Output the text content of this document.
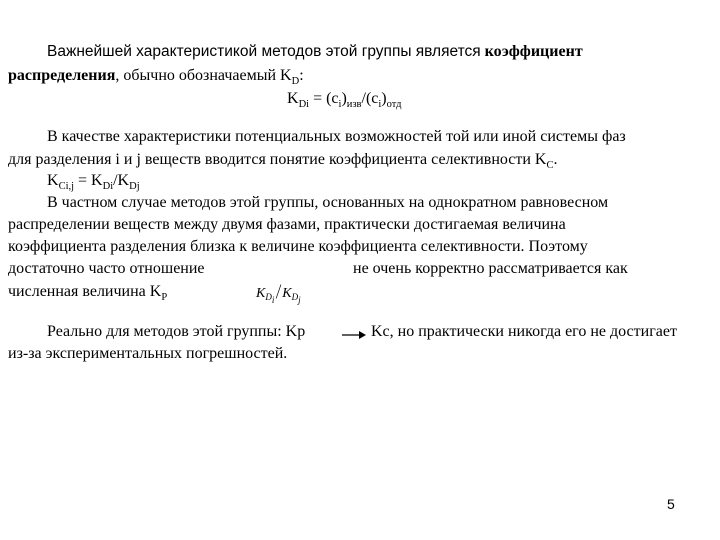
Важнейшей характеристикой методов этой группы является коэффициент
распределения, обычно обозначаемый $K_D$:
$K_{Di} = (c_i)_{изв}/(c_i)_{отд}$
В качестве характеристики потенциальных возможностей той или иной системы фаз
для разделения i и j веществ вводится понятие коэффициента селективности $K_C$.
$K_{Ci,j} = K_{Di}/K_{Dj}$
В частном случае методов этой группы, основанных на однократном равновесном
распределении веществ между двумя фазами, практически достигаемая величина
коэффициента разделения близка к величине коэффициента селективности. Поэтому
достаточно часто отношение	не очень корректно рассматривается как
численная величина $K_P$	$K_{D_i} / K_{D_j}$
Реально для методов этой группы: Kр	Kс, но практически никогда его не достигает
из-за экспериментальных погрешностей.
5
